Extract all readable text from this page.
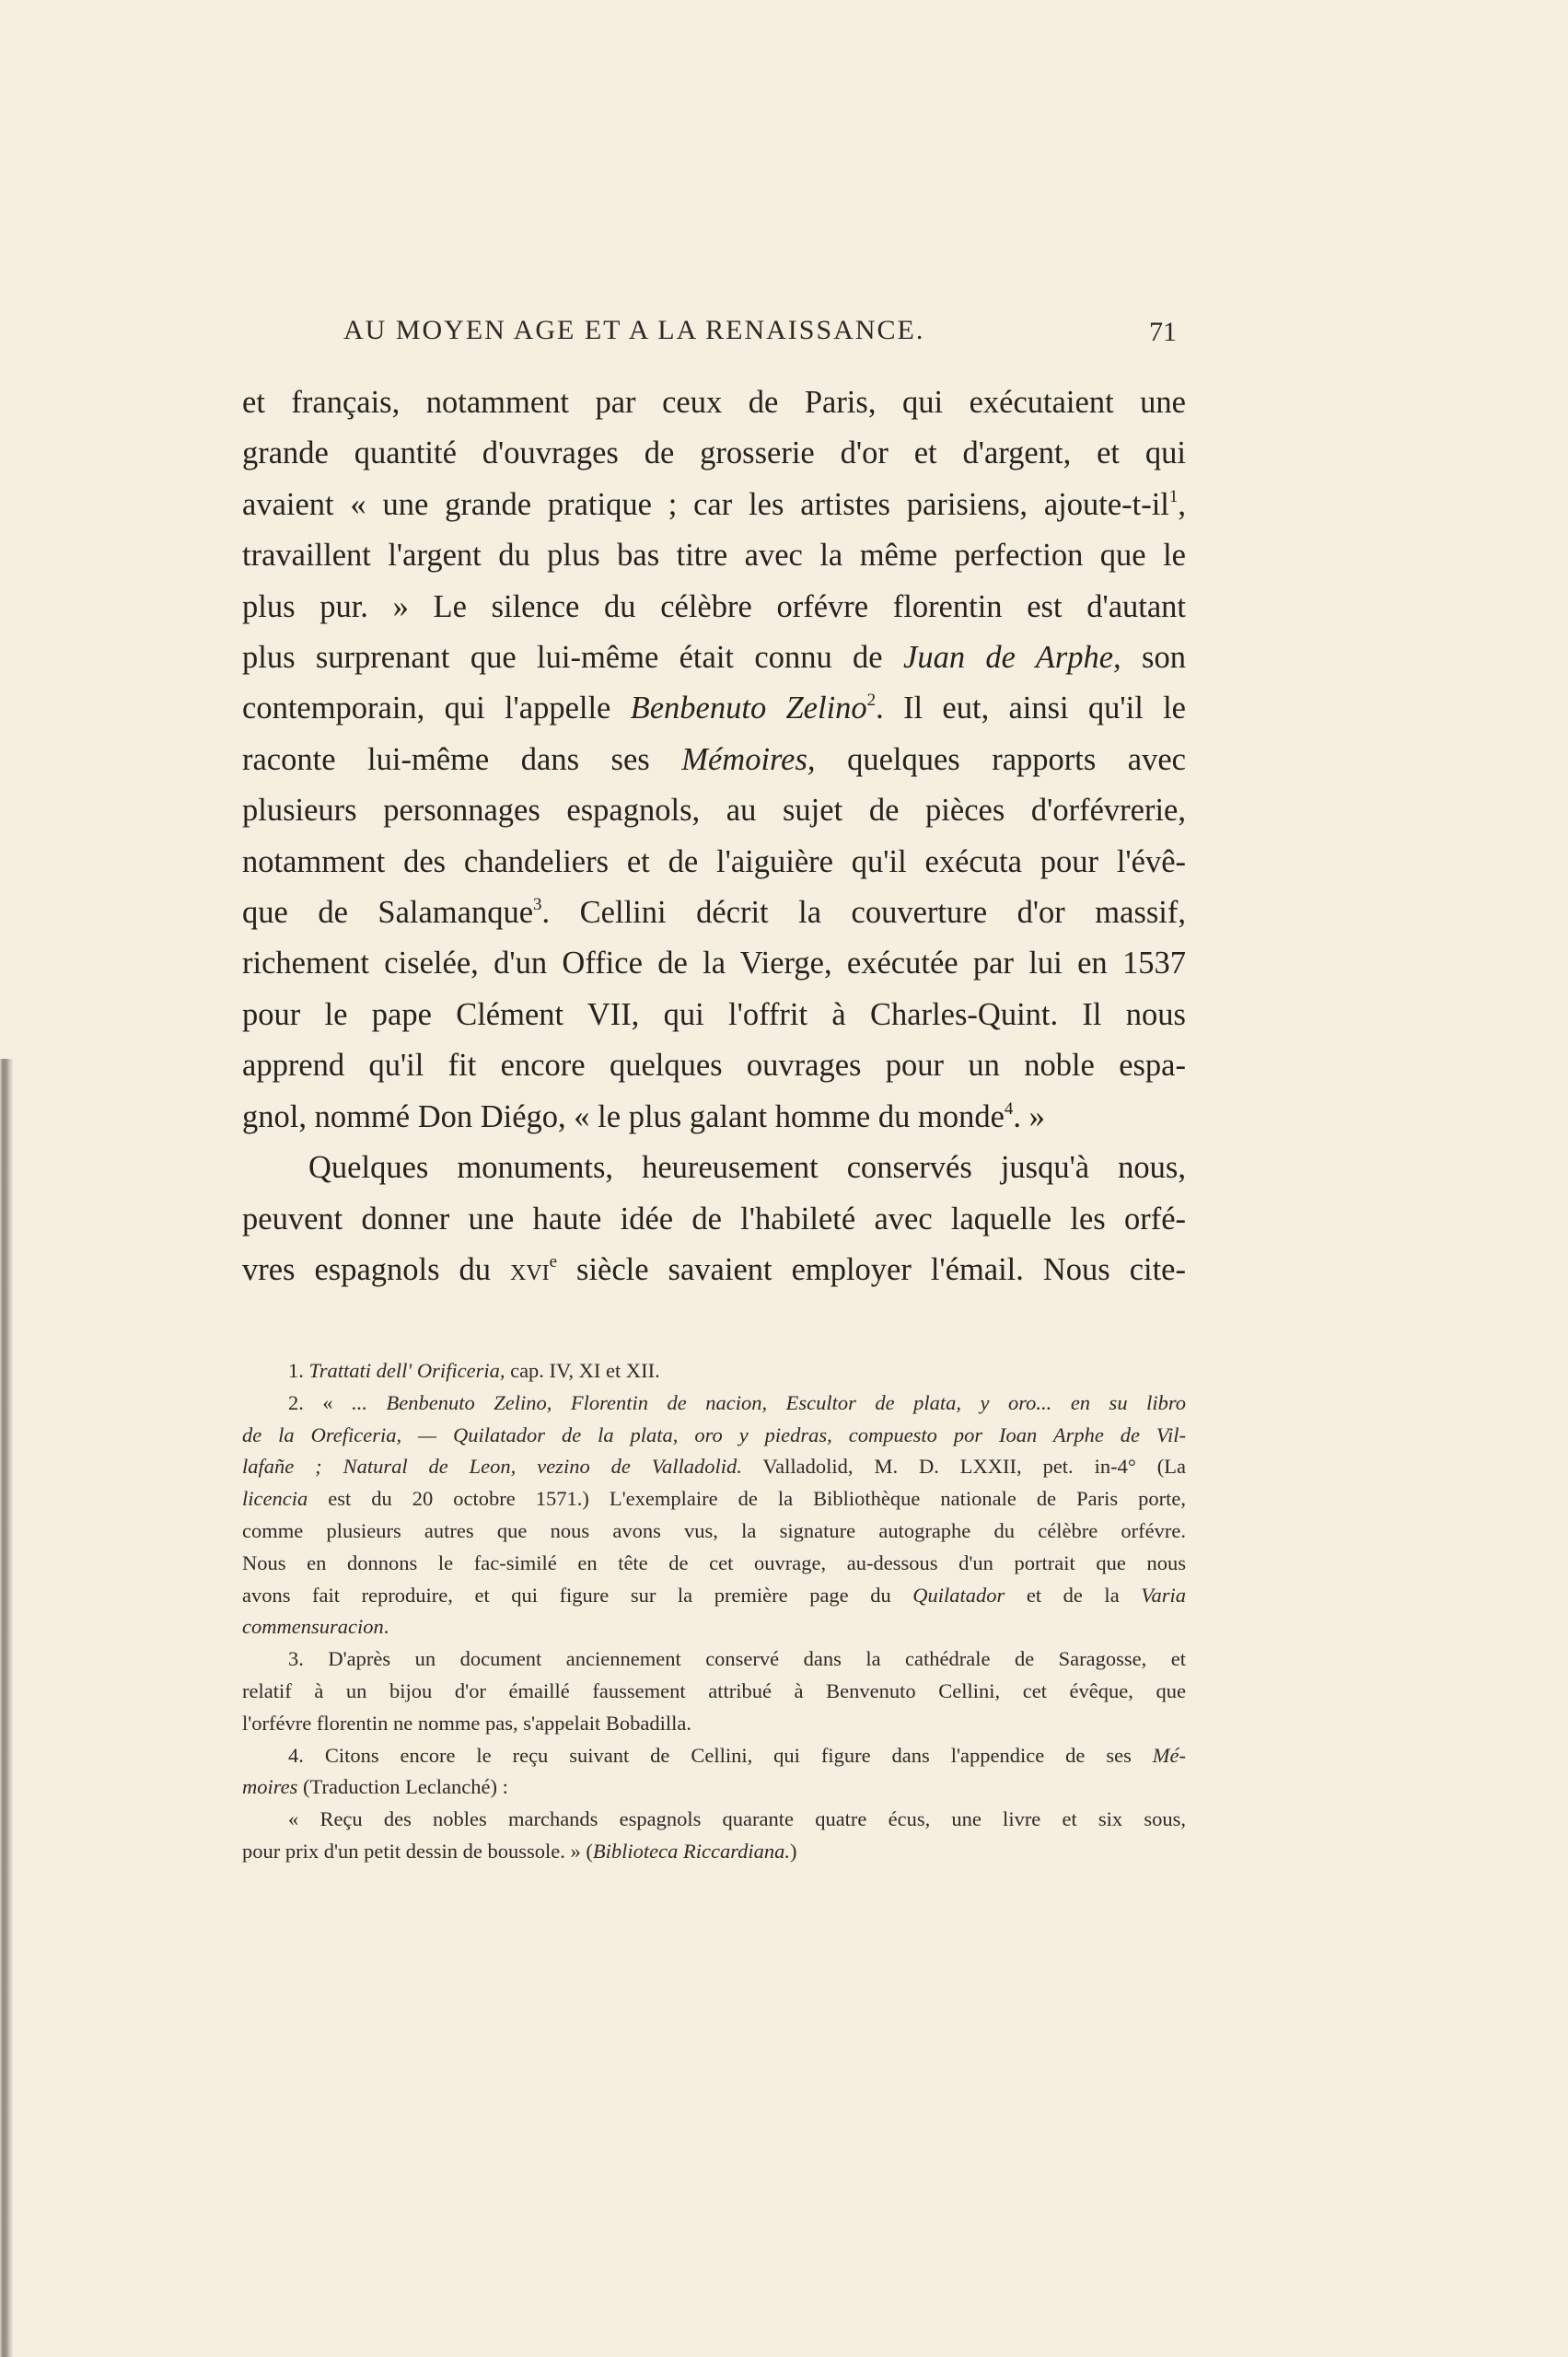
AU MOYEN AGE ET A LA RENAISSANCE.	71
et français, notamment par ceux de Paris, qui exécutaient une
grande quantité d'ouvrages de grosserie d'or et d'argent, et qui
avaient « une grande pratique ; car les artistes parisiens, ajoute-$t-il^1$,
travaillent l'argent du plus bas titre avec la même perfection que le
plus pur. » Le silence du célèbre orfévre florentin est d'autant
plus surprenant que lui-même était connu de Juan de Arphe, son
contemporain, qui l'appelle Benbenuto Zelino$^2$. Il eut, ainsi qu'il le
raconte lui-même dans ses Mémoires, quelques rapports avec
plusieurs personnages espagnols, au sujet de pièces d'orfévrerie,
notamment des chandeliers et de l'aiguière qu'il exécuta pour l'évê-
que de Salamanque$^3$. Cellini décrit la couverture d'or massif,
richement ciselée, d'un Office de la Vierge, exécutée par lui en 1537
pour le pape Clément VII, qui l'offrit à Charles-Quint. Il nous
apprend qu'il fit encore quelques ouvrages pour un noble espa-
gnol, nommé Don Diégo, « le plus galant homme du monde$^4$. »
Quelques monuments, heureusement conservés jusqu'à nous,
peuvent donner une haute idée de l'habileté avec laquelle les orfé-
vres espagnols du xvi$^e$ siècle savaient employer l'émail. Nous cite-
1. Trattati dell' Orificeria, cap. IV, XI et XII.
2. « ... Benbenuto Zelino, Florentin de nacion, Escultor de plata, y oro... en su libro
de la Oreficeria, — Quilatador de la plata, oro y piedras, compuesto por Ioan Arphe de Vil-
lafañe ; Natural de Leon, vezino de Valladolid. Valladolid, M. D. LXXII, pet. in-4° (La
licencia est du 20 octobre 1571.) L'exemplaire de la Bibliothèque nationale de Paris porte,
comme plusieurs autres que nous avons vus, la signature autographe du célèbre orfévre.
Nous en donnons le fac-similé en tête de cet ouvrage, au-dessous d'un portrait que nous
avons fait reproduire, et qui figure sur la première page du Quilatador et de la Varia
commensuracion.
3. D'après un document anciennement conservé dans la cathédrale de Saragosse, et
relatif à un bijou d'or émaillé faussement attribué à Benvenuto Cellini, cet évêque, que
l'orfévre florentin ne nomme pas, s'appelait Bobadilla.
4. Citons encore le reçu suivant de Cellini, qui figure dans l'appendice de ses Mé-
moires (Traduction Leclanché) :
« Reçu des nobles marchands espagnols quarante quatre écus, une livre et six sous,
pour prix d'un petit dessin de boussole. » (Biblioteca Riccardiana.)
